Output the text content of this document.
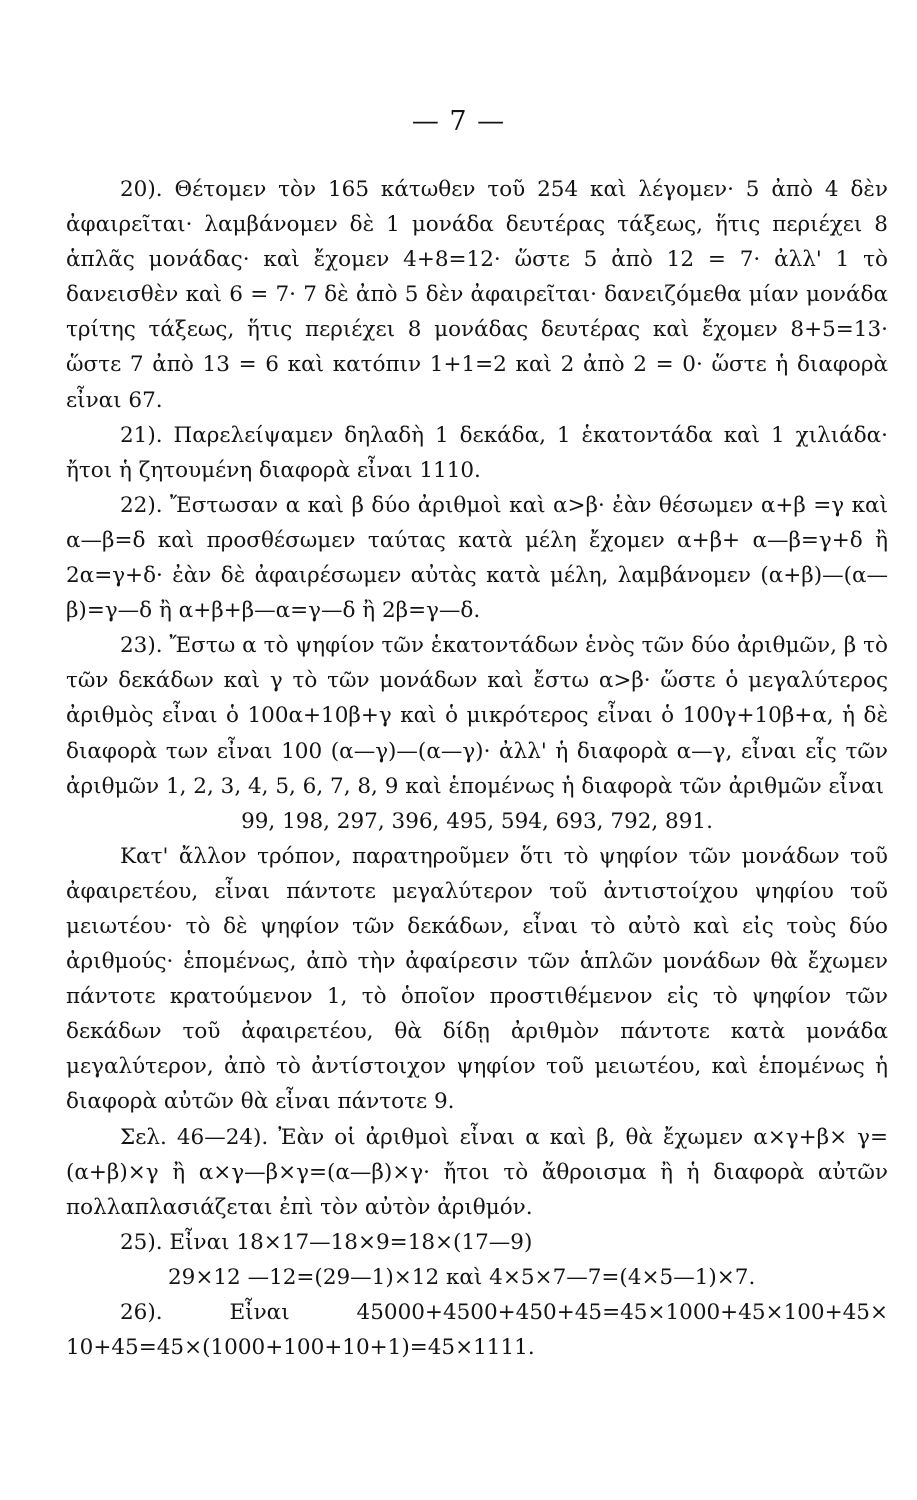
— 7 —

20). Θέτομεν τὸν 165 κάτωθεν τοῦ 254 καὶ λέγομεν· 5 ἀπὸ 4 δὲν ἀφαιρεῖται· λαμβάνομεν δὲ 1 μονάδα δευτέρας τάξεως, ἥτις περιέχει 8 ἁπλᾶς μονάδας· καὶ ἔχομεν 4+8=12· ὥστε 5 ἀπὸ 12 = 7· ἀλλ' 1 τὸ δανεισθὲν καὶ 6 = 7· 7 δὲ ἀπὸ 5 δὲν ἀφαιρεῖται· δανειζόμεθα μίαν μονάδα τρίτης τάξεως, ἥτις περιέχει 8 μονάδας δευτέρας καὶ ἔχομεν 8+5=13· ὥστε 7 ἀπὸ 13 = 6 καὶ κατόπιν 1+1=2 καὶ 2 ἀπὸ 2 = 0· ὥστε ἡ διαφορὰ εἶναι 67.

21). Παρελείψαμεν δηλαδὴ 1 δεκάδα, 1 ἑκατοντάδα καὶ 1 χιλιάδα· ἤτοι ἡ ζητουμένη διαφορὰ εἶναι 1110.

22). Ἔστωσαν α καὶ β δύο ἀριθμοὶ καὶ α>β· ἐὰν θέσωμεν α+β =γ καὶ α—β=δ καὶ προσθέσωμεν ταύτας κατὰ μέλη ἔχομεν α+β+ α—β=γ+δ ἢ 2α=γ+δ· ἐὰν δὲ ἀφαιρέσωμεν αὐτὰς κατὰ μέλη, λαμβάνομεν (α+β)—(α—β)=γ—δ ἢ α+β+β—α=γ—δ ἢ 2β=γ—δ.

23). Ἔστω α τὸ ψηφίον τῶν ἑκατοντάδων ἑνὸς τῶν δύο ἀριθμῶν, β τὸ τῶν δεκάδων καὶ γ τὸ τῶν μονάδων καὶ ἔστω α>β· ὥστε ὁ μεγαλύτερος ἀριθμὸς εἶναι ὁ 100α+10β+γ καὶ ὁ μικρότερος εἶναι ὁ 100γ+10β+α, ἡ δὲ διαφορὰ των εἶναι 100 (α—γ)—(α—γ)· ἀλλ' ἡ διαφορὰ α—γ, εἶναι εἷς τῶν ἀριθμῶν 1, 2, 3, 4, 5, 6, 7, 8, 9 καὶ ἑπομένως ἡ διαφορὰ τῶν ἀριθμῶν εἶναι

99, 198, 297, 396, 495, 594, 693, 792, 891.

Κατ' ἄλλον τρόπον, παρατηροῦμεν ὅτι τὸ ψηφίον τῶν μονάδων τοῦ ἀφαιρετέου, εἶναι πάντοτε μεγαλύτερον τοῦ ἀντιστοίχου ψηφίου τοῦ μειωτέου· τὸ δὲ ψηφίον τῶν δεκάδων, εἶναι τὸ αὐτὸ καὶ εἰς τοὺς δύο ἀριθμούς· ἑπομένως, ἀπὸ τὴν ἀφαίρεσιν τῶν ἁπλῶν μονάδων θὰ ἔχωμεν πάντοτε κρατούμενον 1, τὸ ὁποῖον προστιθέμενον εἰς τὸ ψηφίον τῶν δεκάδων τοῦ ἀφαιρετέου, θὰ δίδῃ ἀριθμὸν πάντοτε κατὰ μονάδα μεγαλύτερον, ἀπὸ τὸ ἀντίστοιχον ψηφίον τοῦ μειωτέου, καὶ ἑπομένως ἡ διαφορὰ αὐτῶν θὰ εἶναι πάντοτε 9.

Σελ. 46—24). Ἐὰν οἱ ἀριθμοὶ εἶναι α καὶ β, θὰ ἔχωμεν α×γ+β× γ=(α+β)×γ ἢ α×γ—β×γ=(α—β)×γ· ἤτοι τὸ ἄθροισμα ἢ ἡ διαφορὰ αὐτῶν πολλαπλασιάζεται ἐπὶ τὸν αὐτὸν ἀριθμόν.

25). Εἶναι 18×17—18×9=18×(17—9)

29×12 —12=(29—1)×12 καὶ 4×5×7—7=(4×5—1)×7.

26). Εἶναι 45000+4500+450+45=45×1000+45×100+45× 10+45=45×(1000+100+10+1)=45×1111.
